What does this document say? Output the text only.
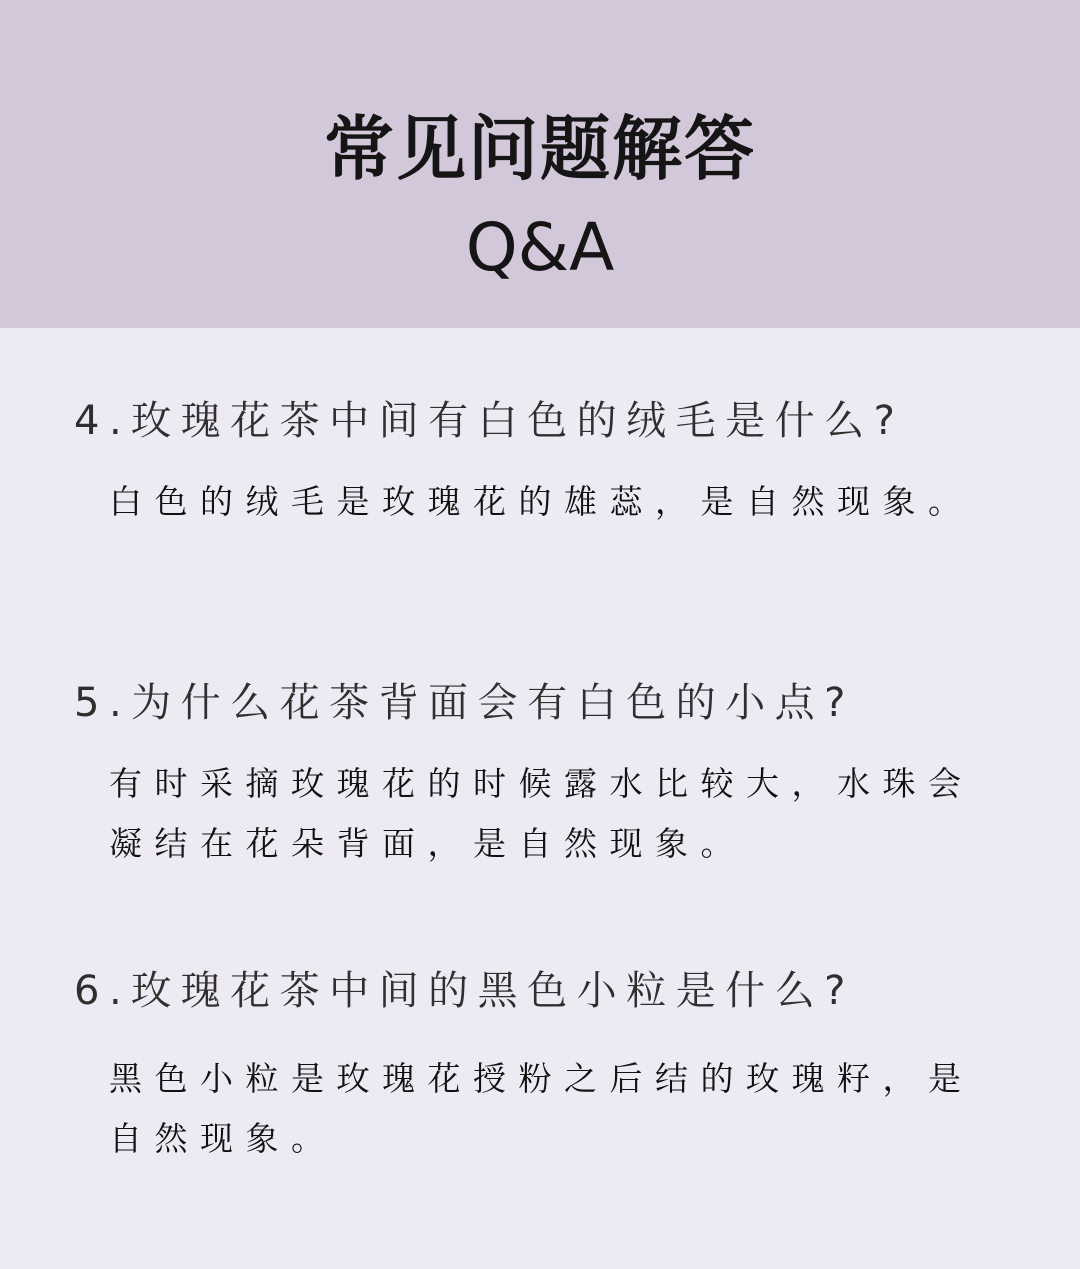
常见问题解答
Q&A
4.玫瑰花茶中间有白色的绒毛是什么?
白色的绒毛是玫瑰花的雄蕊，是自然现象。
5.为什么花茶背面会有白色的小点?
有时采摘玫瑰花的时候露水比较大，水珠会凝结在花朵背面，是自然现象。
6.玫瑰花茶中间的黑色小粒是什么?
黑色小粒是玫瑰花授粉之后结的玫瑰籽，是自然现象。
